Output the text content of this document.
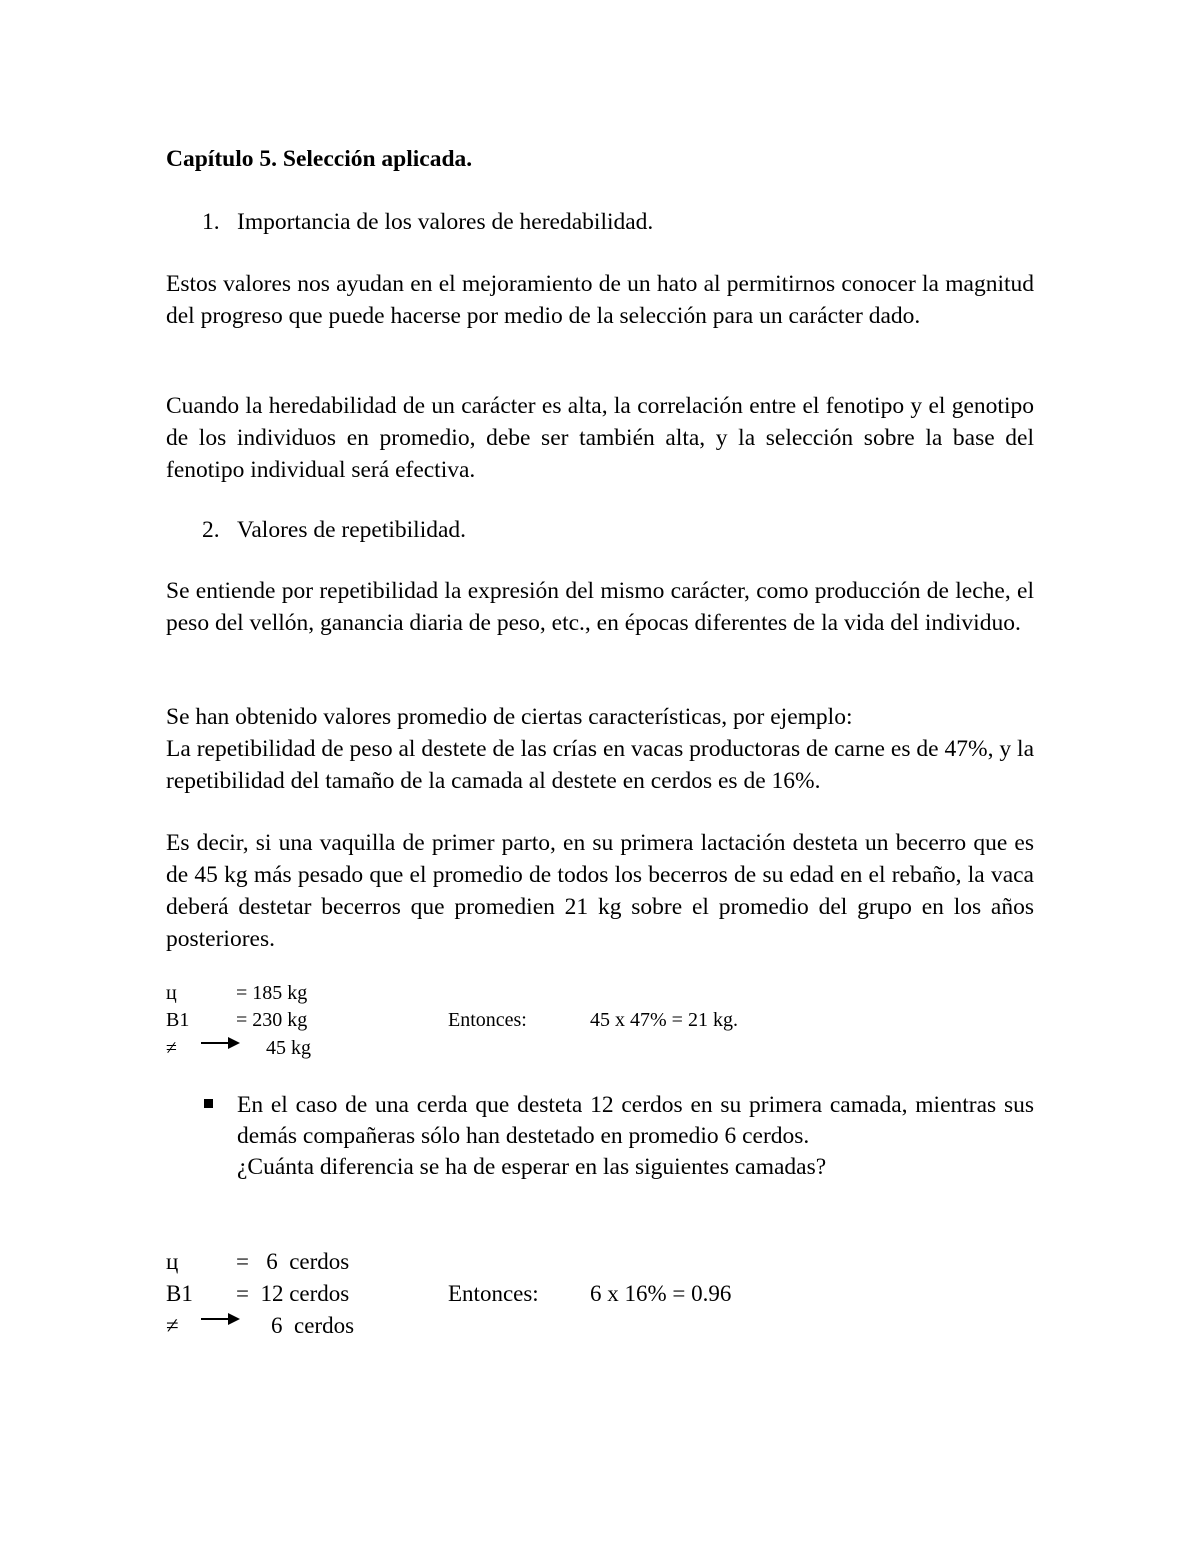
Capítulo 5. Selección aplicada.
1. Importancia de los valores de heredabilidad.

Estos valores nos ayudan en el mejoramiento de un hato al permitirnos conocer la magnitud del progreso que puede hacerse por medio de la selección para un carácter dado.

Cuando la heredabilidad de un carácter es alta, la correlación entre el fenotipo y el genotipo de los individuos en promedio, debe ser también alta, y la selección sobre la base del fenotipo individual será efectiva.

2. Valores de repetibilidad.

Se entiende por repetibilidad la expresión del mismo carácter, como producción de leche, el peso del vellón, ganancia diaria de peso, etc., en épocas diferentes de la vida del individuo.

Se han obtenido valores promedio de ciertas características, por ejemplo:

La repetibilidad de peso al destete de las crías en vacas productoras de carne es de 47%, y la repetibilidad del tamaño de la camada al destete en cerdos es de 16%.

Es decir, si una vaquilla de primer parto, en su primera lactación desteta un becerro que es de 45 kg más pesado que el promedio de todos los becerros de su edad en el rebaño, la vaca deberá destetar becerros que promedien 21 kg sobre el promedio del grupo en los años posteriores.

ц	= 185 kg
B1 = 230 kg	Entonces:	45 x 47% = 21 kg.
≠	45 kg
En el caso de una cerda que desteta 12 cerdos en su primera camada, mientras sus demás compañeras sólo han destetado en promedio 6 cerdos.
¿Cuánta diferencia se ha de esperar en las siguientes camadas?
ц	=   6  cerdos
B1 =  12 cerdos	Entonces: 6 x 16% = 0.96
≠	6  cerdos
